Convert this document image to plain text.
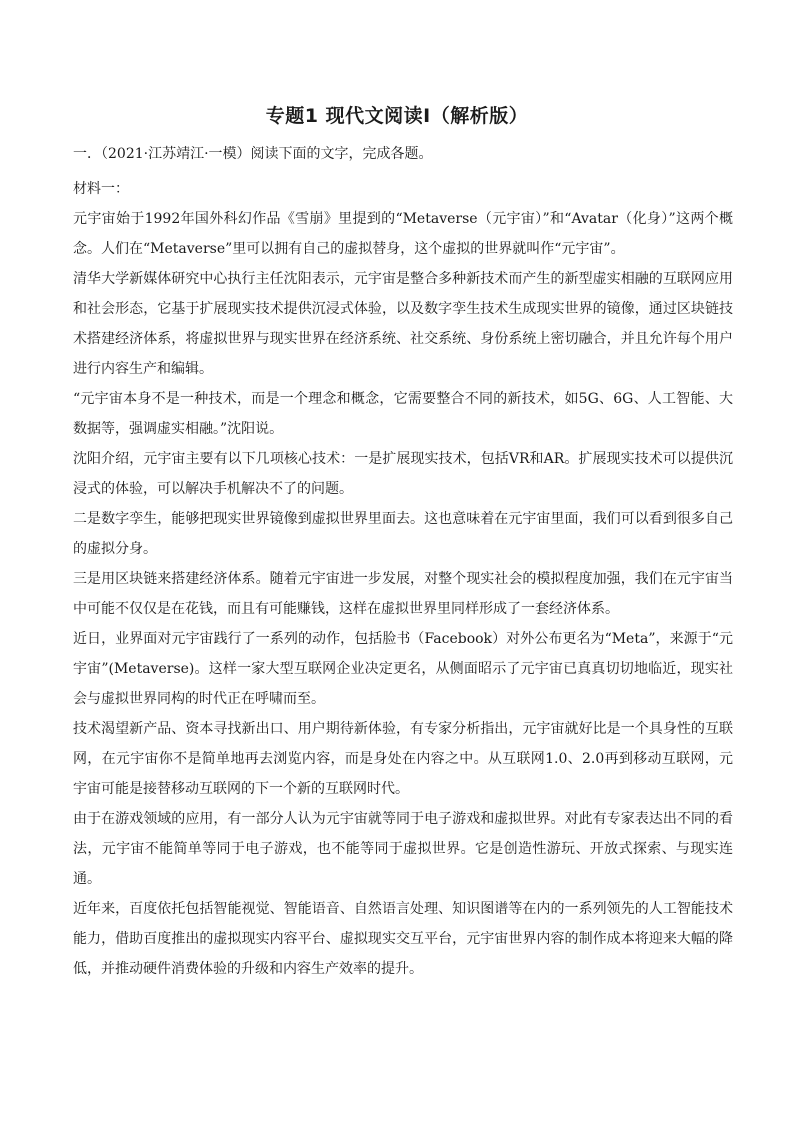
专题1 现代文阅读Ⅰ（解析版）
一．（2021·江苏靖江·一模）阅读下面的文字，完成各题。

材料一：

元宇宙始于1992年国外科幻作品《雪崩》里提到的“Metaverse（元宇宙）”和“Avatar（化身）”这两个概念。人们在“Metaverse”里可以拥有自己的虚拟替身，这个虚拟的世界就叫作“元宇宙”。

清华大学新媒体研究中心执行主任沈阳表示，元宇宙是整合多种新技术而产生的新型虚实相融的互联网应用和社会形态，它基于扩展现实技术提供沉浸式体验，以及数字孪生技术生成现实世界的镜像，通过区块链技术搭建经济体系，将虚拟世界与现实世界在经济系统、社交系统、身份系统上密切融合，并且允许每个用户进行内容生产和编辑。

“元宇宙本身不是一种技术，而是一个理念和概念，它需要整合不同的新技术，如5G、6G、人工智能、大数据等，强调虚实相融。”沈阳说。

沈阳介绍，元宇宙主要有以下几项核心技术：一是扩展现实技术，包括VR和AR。扩展现实技术可以提供沉浸式的体验，可以解决手机解决不了的问题。

二是数字孪生，能够把现实世界镜像到虚拟世界里面去。这也意味着在元宇宙里面，我们可以看到很多自己的虚拟分身。

三是用区块链来搭建经济体系。随着元宇宙进一步发展，对整个现实社会的模拟程度加强，我们在元宇宙当中可能不仅仅是在花钱，而且有可能赚钱，这样在虚拟世界里同样形成了一套经济体系。

近日，业界面对元宇宙践行了一系列的动作，包括脸书（Facebook）对外公布更名为“Meta”，来源于“元宇宙”(Metaverse)。这样一家大型互联网企业决定更名，从侧面昭示了元宇宙已真真切切地临近，现实社会与虚拟世界同构的时代正在呼啸而至。

技术渴望新产品、资本寻找新出口、用户期待新体验，有专家分析指出，元宇宙就好比是一个具身性的互联网，在元宇宙你不是简单地再去浏览内容，而是身处在内容之中。从互联网1.0、2.0再到移动互联网，元宇宙可能是接替移动互联网的下一个新的互联网时代。

由于在游戏领域的应用，有一部分人认为元宇宙就等同于电子游戏和虚拟世界。对此有专家表达出不同的看法，元宇宙不能简单等同于电子游戏，也不能等同于虚拟世界。它是创造性游玩、开放式探索、与现实连通。

近年来，百度依托包括智能视觉、智能语音、自然语言处理、知识图谱等在内的一系列领先的人工智能技术能力，借助百度推出的虚拟现实内容平台、虚拟现实交互平台，元宇宙世界内容的制作成本将迎来大幅的降低，并推动硬件消费体验的升级和内容生产效率的提升。
